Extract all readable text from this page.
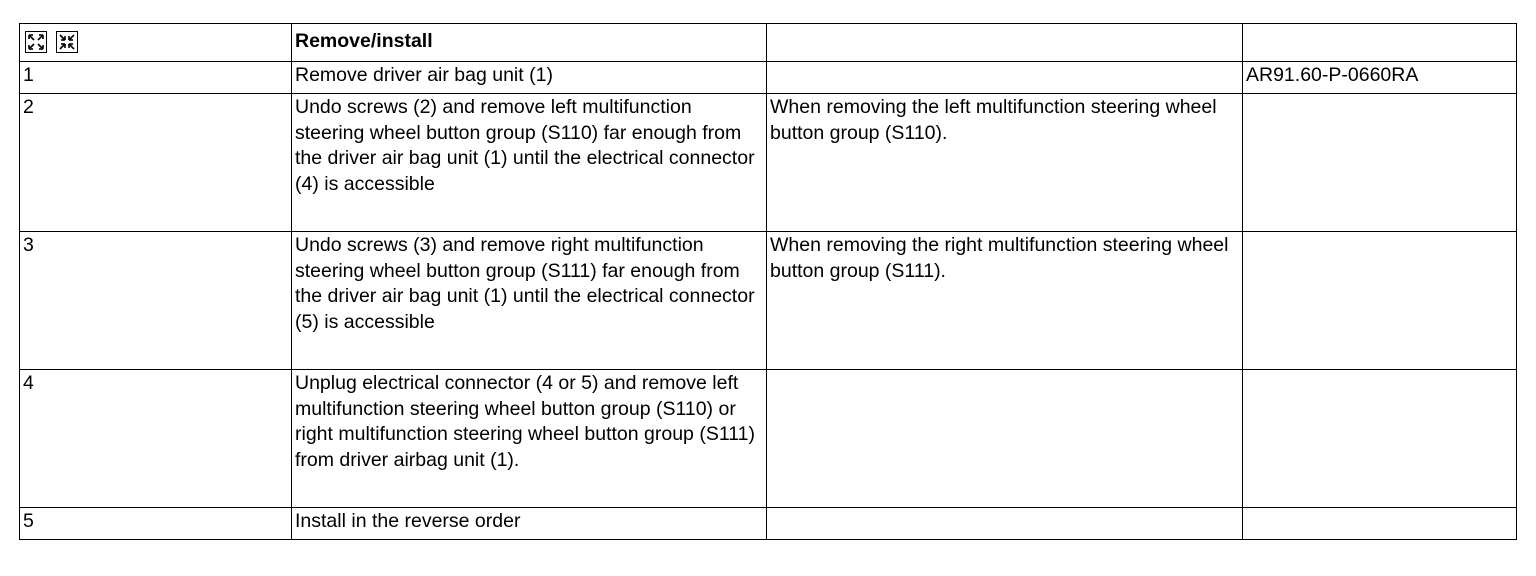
	Remove/install		
1	Remove driver air bag unit (1)		AR91.60-P-0660RA
2	Undo screws (2) and remove left multifunction steering wheel button group (S110) far enough from the driver air bag unit (1) until the electrical connector (4) is accessible	When removing the left multifunction steering wheel button group (S110).	
3	Undo screws (3) and remove right multifunction steering wheel button group (S111) far enough from the driver air bag unit (1) until the electrical connector (5) is accessible	When removing the right multifunction steering wheel button group (S111).	
4	Unplug electrical connector (4 or 5) and remove left multifunction steering wheel button group (S110) or right multifunction steering wheel button group (S111) from driver airbag unit (1).		
5	Install in the reverse order		
